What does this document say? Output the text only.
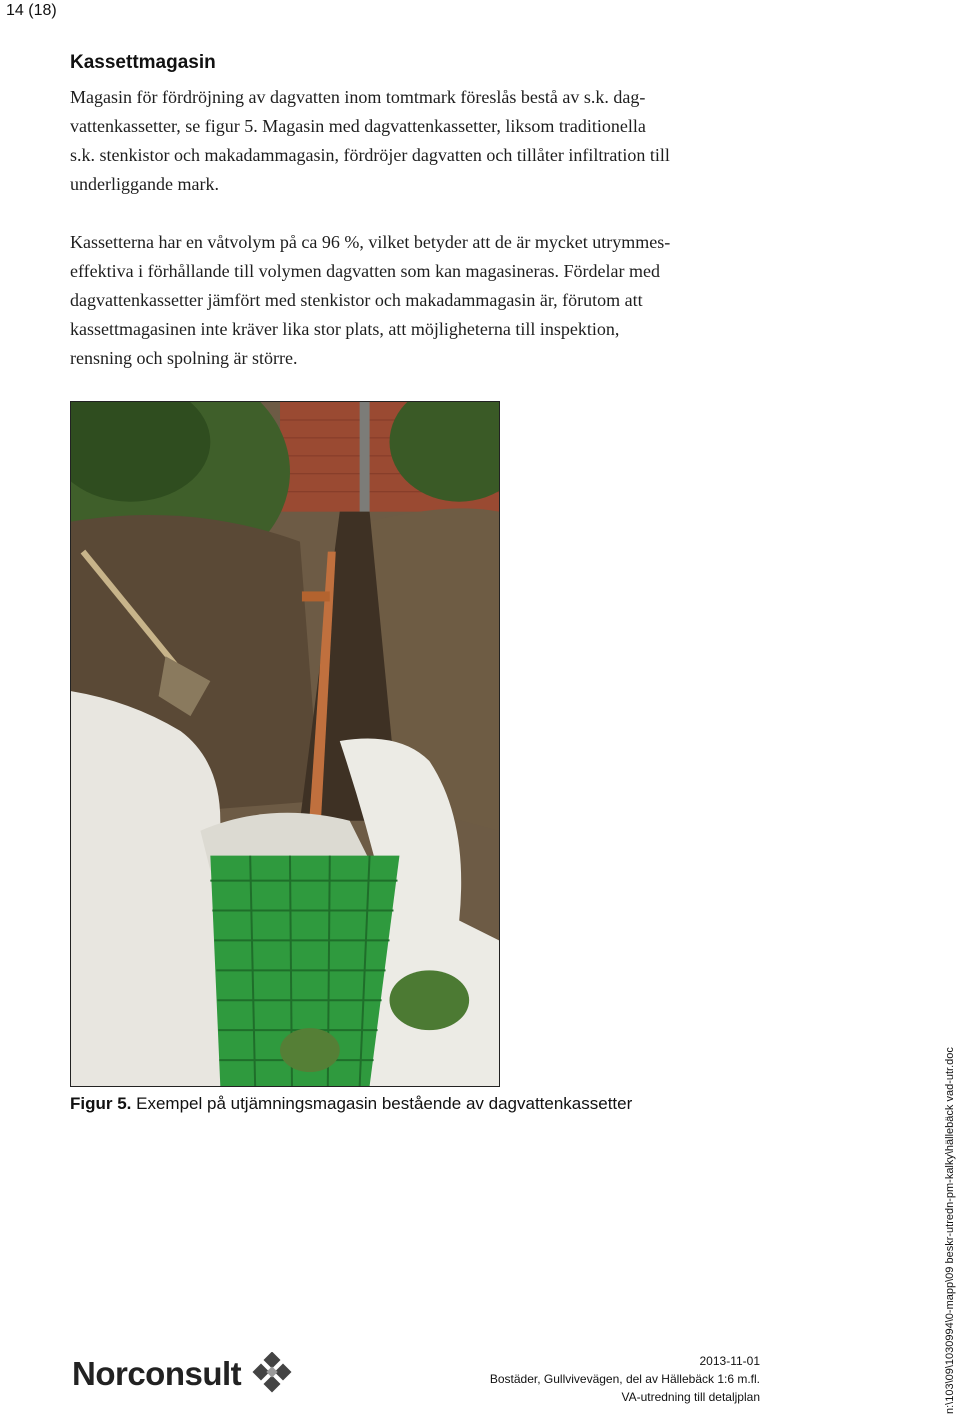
14 (18)
Kassettmagasin

Magasin för fördröjning av dagvatten inom tomtmark föreslås bestå av s.k. dag-
vattenkassetter, se figur 5. Magasin med dagvattenkassetter, liksom traditionella
s.k. stenkistor och makadammagasin, fördröjer dagvatten och tillåter infiltration till
underliggande mark.

Kassetterna har en våtvolym på ca 96 %, vilket betyder att de är mycket utrymmes-
effektiva i förhållande till volymen dagvatten som kan magasineras. Fördelar med
dagvattenkassetter jämfört med stenkistor och makadammagasin är, förutom att
kassettmagasinen inte kräver lika stor plats, att möjligheterna till inspektion,
rensning och spolning är större.

Figur 5. Exempel på utjämningsmagasin bestående av dagvattenkassetter

Norconsult	2013-11-01
Bostäder, Gullvivevägen, del av Hällebäck 1:6 m.fl.
VA-utredning till detaljplan	n:\103\09\1030994\0-mapp\09 beskr-utredn-pm-kalky\hällebäck vad-utr.doc
